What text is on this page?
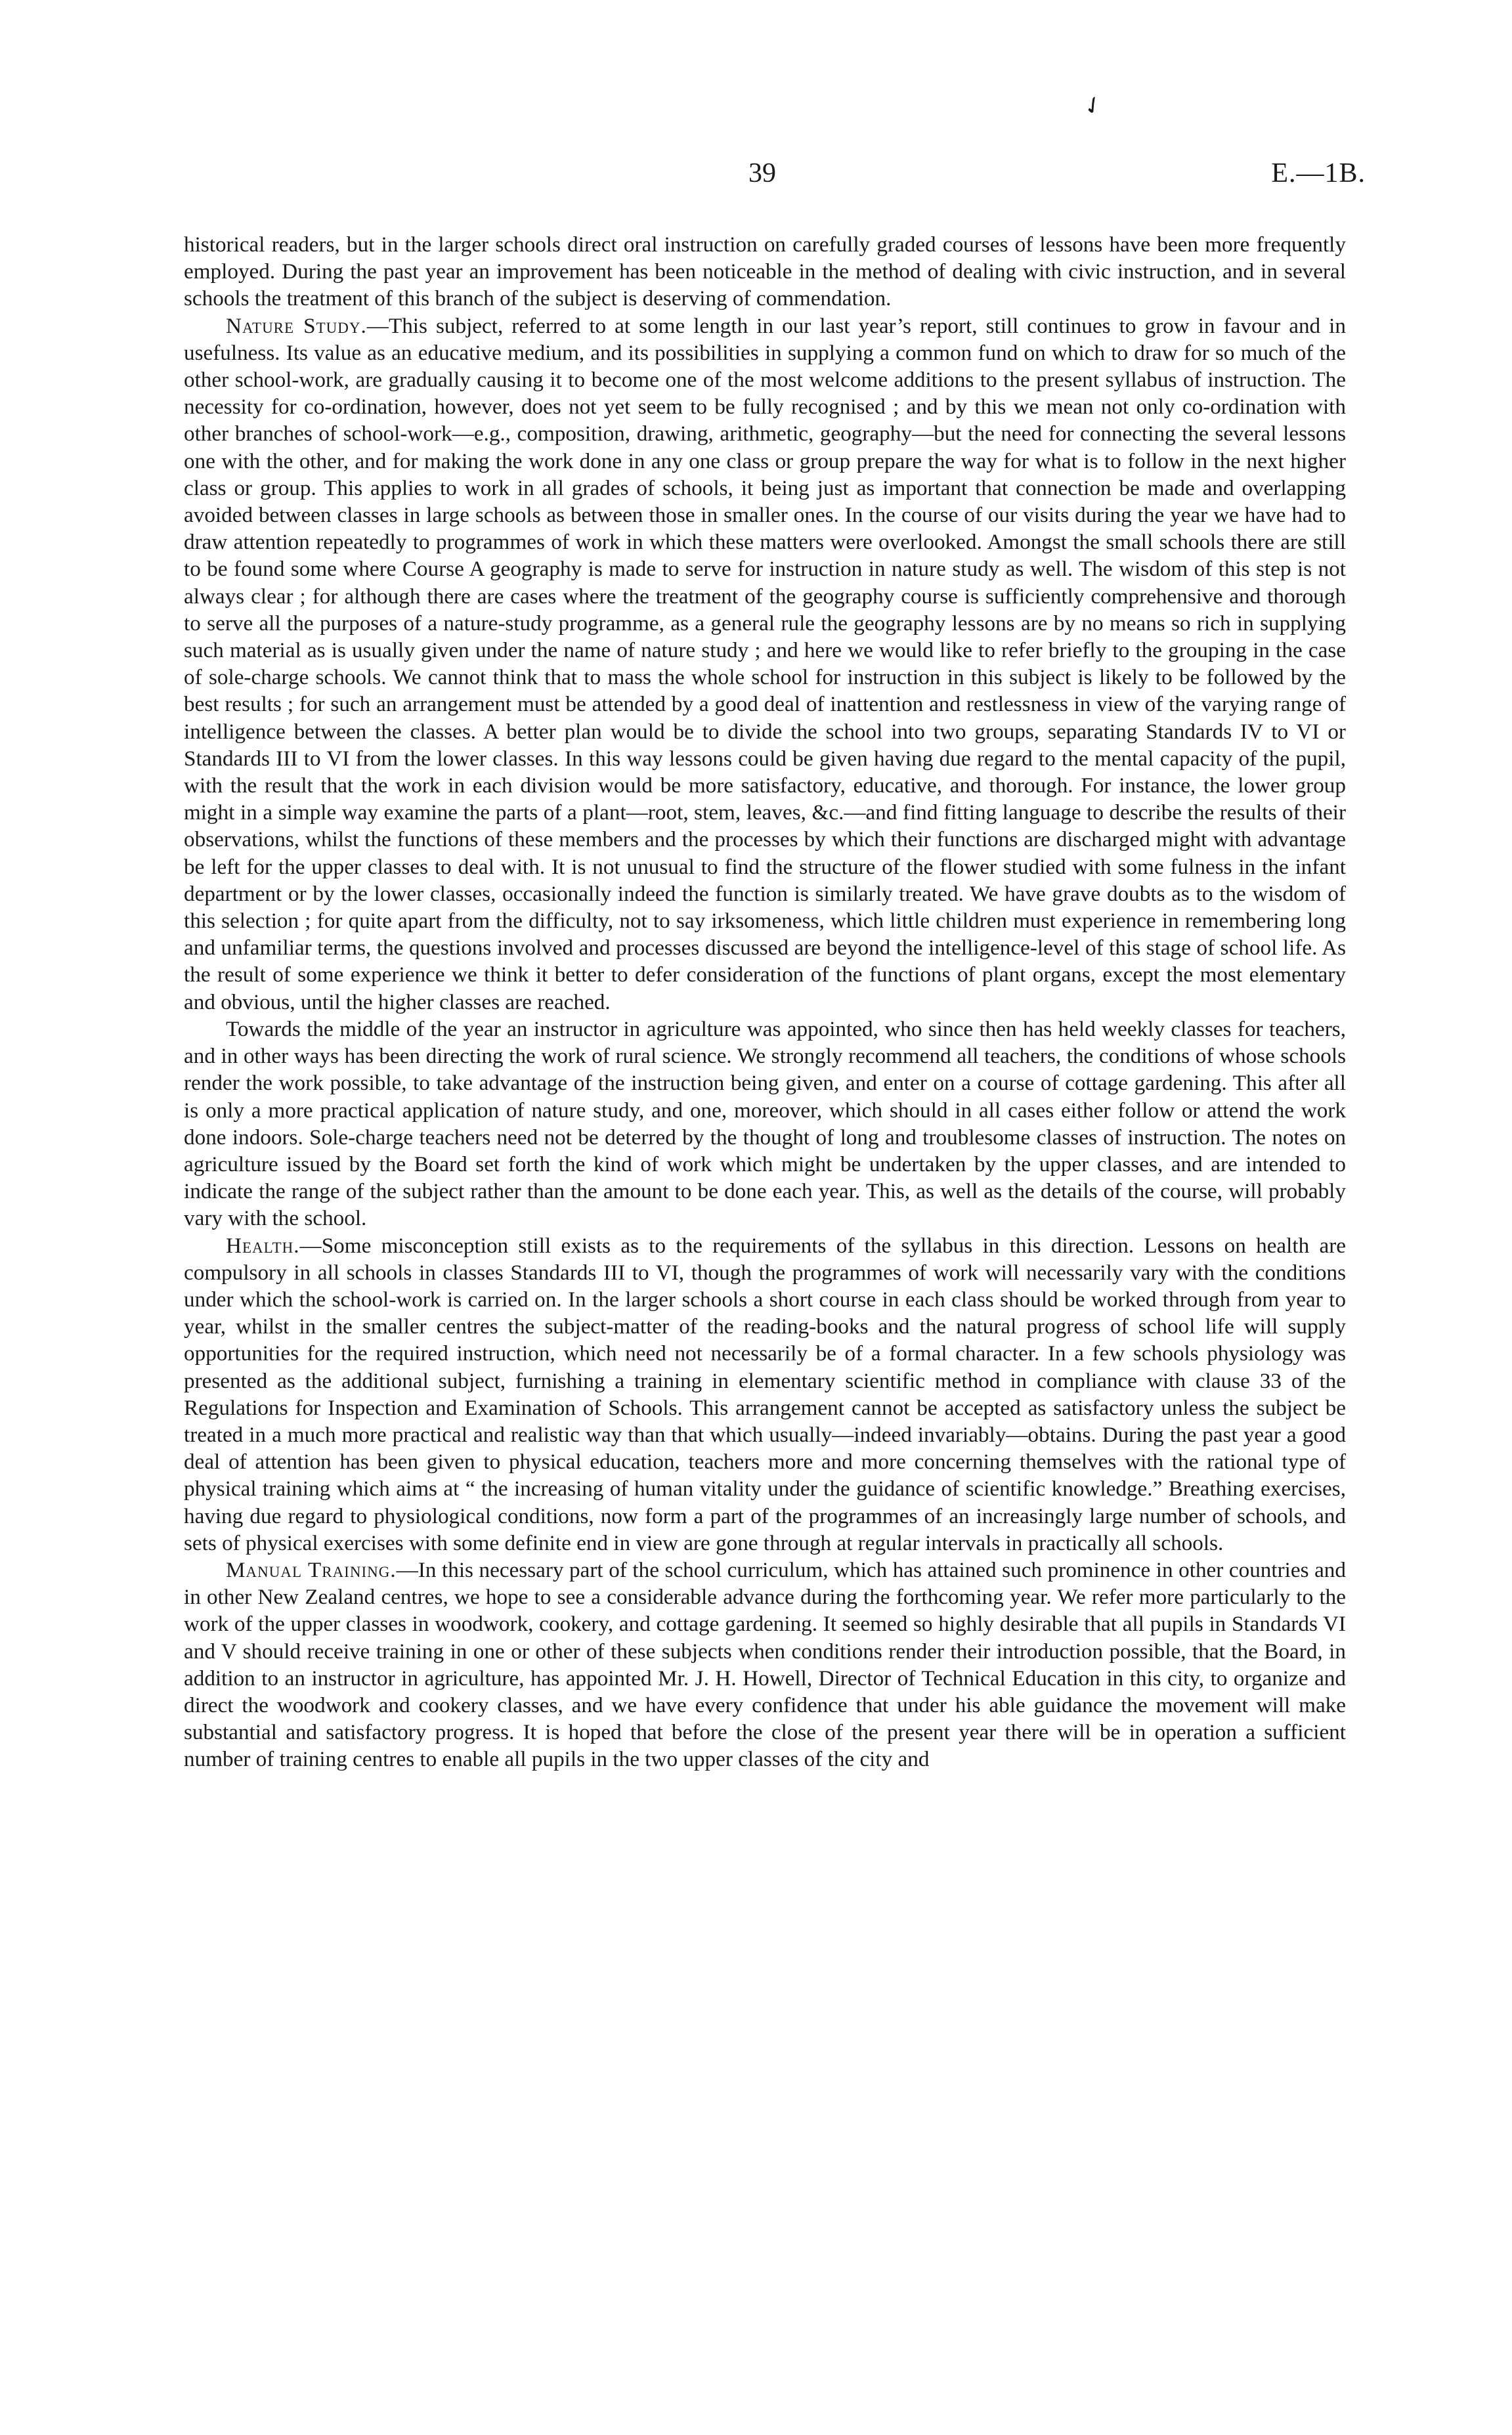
✓
39	E.—1B.

historical readers, but in the larger schools direct oral instruction on carefully graded courses of lessons have been more frequently employed. During the past year an improvement has been noticeable in the method of dealing with civic instruction, and in several schools the treatment of this branch of the subject is deserving of commendation.

Nature Study.—This subject, referred to at some length in our last year’s report, still continues to grow in favour and in usefulness. Its value as an educative medium, and its possibilities in supplying a common fund on which to draw for so much of the other school-work, are gradually causing it to become one of the most welcome additions to the present syllabus of instruction. The necessity for co-ordination, however, does not yet seem to be fully recognised ; and by this we mean not only co-ordination with other branches of school-work—e.g., composition, drawing, arithmetic, geography—but the need for connecting the several lessons one with the other, and for making the work done in any one class or group prepare the way for what is to follow in the next higher class or group. This applies to work in all grades of schools, it being just as important that connection be made and overlapping avoided between classes in large schools as between those in smaller ones. In the course of our visits during the year we have had to draw attention repeatedly to programmes of work in which these matters were overlooked. Amongst the small schools there are still to be found some where Course A geography is made to serve for instruction in nature study as well. The wisdom of this step is not always clear ; for although there are cases where the treatment of the geography course is sufficiently comprehensive and thorough to serve all the purposes of a nature-study programme, as a general rule the geography lessons are by no means so rich in supplying such material as is usually given under the name of nature study ; and here we would like to refer briefly to the grouping in the case of sole-charge schools. We cannot think that to mass the whole school for instruction in this subject is likely to be followed by the best results ; for such an arrangement must be attended by a good deal of inattention and restlessness in view of the varying range of intelligence between the classes. A better plan would be to divide the school into two groups, separating Standards IV to VI or Standards III to VI from the lower classes. In this way lessons could be given having due regard to the mental capacity of the pupil, with the result that the work in each division would be more satisfactory, educative, and thorough. For instance, the lower group might in a simple way examine the parts of a plant—root, stem, leaves, &c.—and find fitting language to describe the results of their observations, whilst the functions of these members and the processes by which their functions are discharged might with advantage be left for the upper classes to deal with. It is not unusual to find the structure of the flower studied with some fulness in the infant department or by the lower classes, occasionally indeed the function is similarly treated. We have grave doubts as to the wisdom of this selection ; for quite apart from the difficulty, not to say irksomeness, which little children must experience in remembering long and unfamiliar terms, the questions involved and processes discussed are beyond the intelligence-level of this stage of school life. As the result of some experience we think it better to defer consideration of the functions of plant organs, except the most elementary and obvious, until the higher classes are reached.

Towards the middle of the year an instructor in agriculture was appointed, who since then has held weekly classes for teachers, and in other ways has been directing the work of rural science. We strongly recommend all teachers, the conditions of whose schools render the work possible, to take advantage of the instruction being given, and enter on a course of cottage gardening. This after all is only a more practical application of nature study, and one, moreover, which should in all cases either follow or attend the work done indoors. Sole-charge teachers need not be deterred by the thought of long and troublesome classes of instruction. The notes on agriculture issued by the Board set forth the kind of work which might be undertaken by the upper classes, and are intended to indicate the range of the subject rather than the amount to be done each year. This, as well as the details of the course, will probably vary with the school.

Health.—Some misconception still exists as to the requirements of the syllabus in this direction. Lessons on health are compulsory in all schools in classes Standards III to VI, though the programmes of work will necessarily vary with the conditions under which the school-work is carried on. In the larger schools a short course in each class should be worked through from year to year, whilst in the smaller centres the subject-matter of the reading-books and the natural progress of school life will supply opportunities for the required instruction, which need not necessarily be of a formal character. In a few schools physiology was presented as the additional subject, furnishing a training in elementary scientific method in compliance with clause 33 of the Regulations for Inspection and Examination of Schools. This arrangement cannot be accepted as satisfactory unless the subject be treated in a much more practical and realistic way than that which usually—indeed invariably—obtains. During the past year a good deal of attention has been given to physical education, teachers more and more concerning themselves with the rational type of physical training which aims at “ the increasing of human vitality under the guidance of scientific knowledge.” Breathing exercises, having due regard to physiological conditions, now form a part of the programmes of an increasingly large number of schools, and sets of physical exercises with some definite end in view are gone through at regular intervals in practically all schools.

Manual Training.—In this necessary part of the school curriculum, which has attained such prominence in other countries and in other New Zealand centres, we hope to see a considerable advance during the forthcoming year. We refer more particularly to the work of the upper classes in woodwork, cookery, and cottage gardening. It seemed so highly desirable that all pupils in Standards VI and V should receive training in one or other of these subjects when conditions render their introduction possible, that the Board, in addition to an instructor in agriculture, has appointed Mr. J. H. Howell, Director of Technical Education in this city, to organize and direct the woodwork and cookery classes, and we have every confidence that under his able guidance the movement will make substantial and satisfactory progress. It is hoped that before the close of the present year there will be in operation a sufficient number of training centres to enable all pupils in the two upper classes of the city and
